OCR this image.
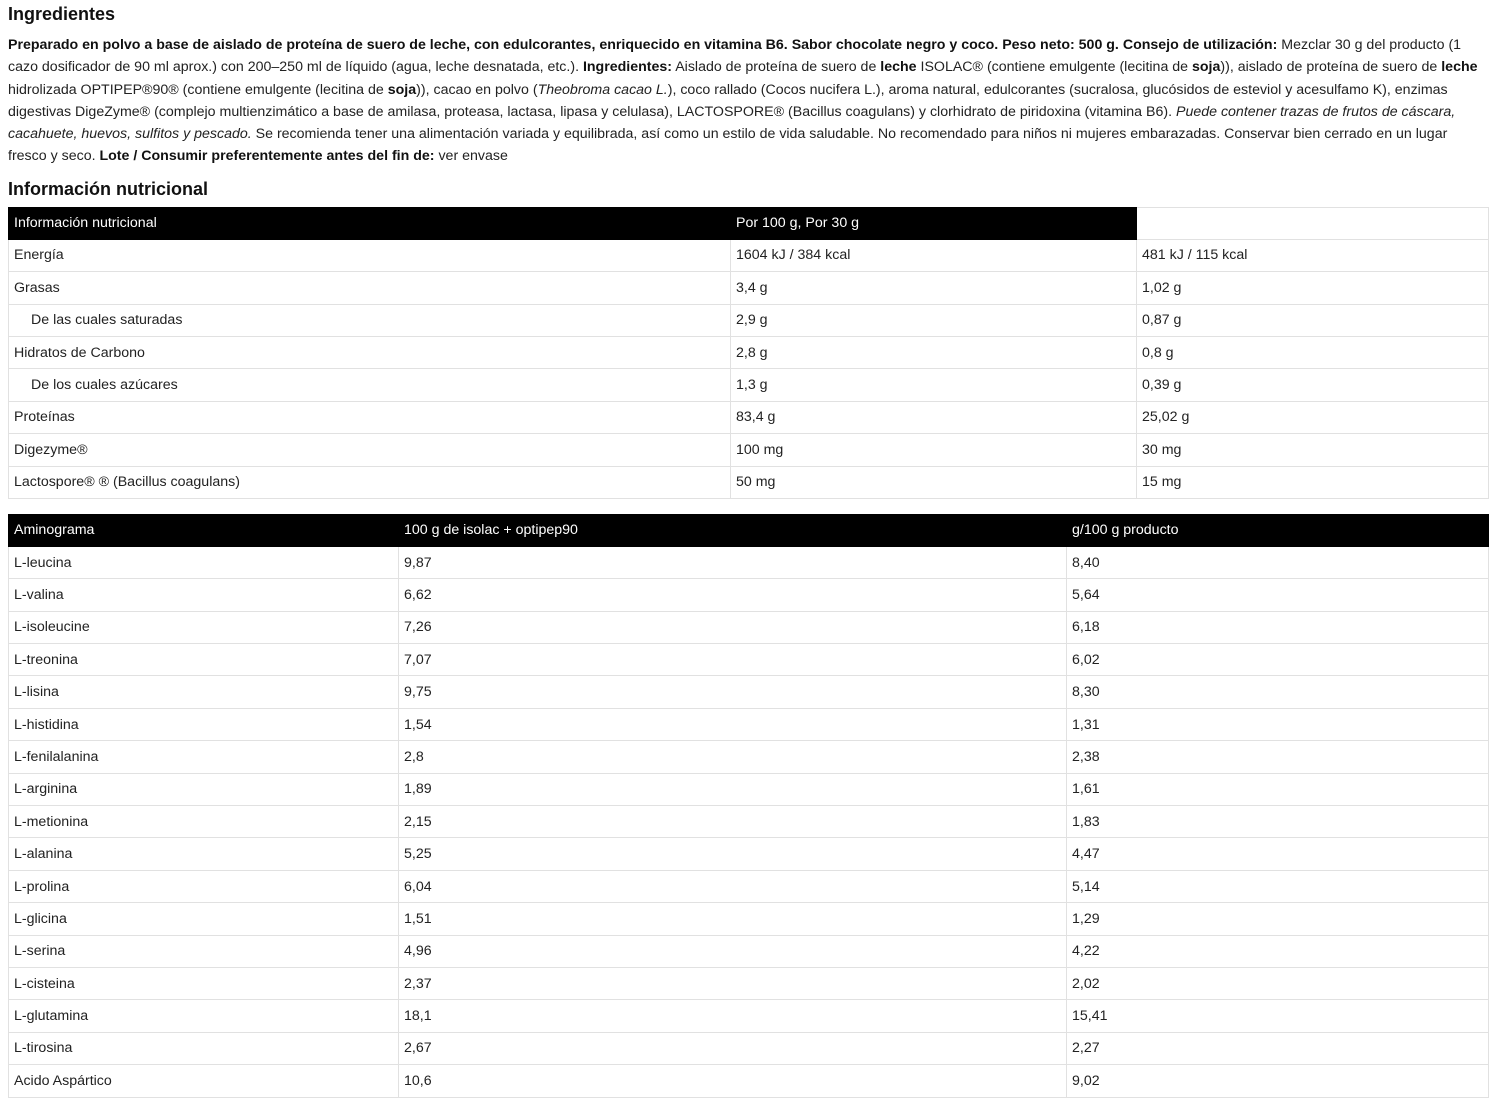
Ingredientes

Preparado en polvo a base de aislado de proteína de suero de leche, con edulcorantes, enriquecido en vitamina B6. Sabor chocolate negro y coco. Peso neto: 500 g. Consejo de utilización: Mezclar 30 g del producto (1 cazo dosificador de 90 ml aprox.) con 200–250 ml de líquido (agua, leche desnatada, etc.). Ingredientes: Aislado de proteína de suero de leche ISOLAC® (contiene emulgente (lecitina de soja)), aislado de proteína de suero de leche hidrolizada OPTIPEP®90® (contiene emulgente (lecitina de soja)), cacao en polvo (Theobroma cacao L.), coco rallado (Cocos nucifera L.), aroma natural, edulcorantes (sucralosa, glucósidos de esteviol y acesulfamo K), enzimas digestivas DigeZyme® (complejo multienzimático a base de amilasa, proteasa, lactasa, lipasa y celulasa), LACTOSPORE® (Bacillus coagulans) y clorhidrato de piridoxina (vitamina B6). Puede contener trazas de frutos de cáscara, cacahuete, huevos, sulfitos y pescado. Se recomienda tener una alimentación variada y equilibrada, así como un estilo de vida saludable. No recomendado para niños ni mujeres embarazadas. Conservar bien cerrado en un lugar fresco y seco. Lote / Consumir preferentemente antes del fin de: ver envase

Información nutricional
Información nutricional	Por 100 g, Por 30 g	
Energía	1604 kJ / 384 kcal	481 kJ / 115 kcal
Grasas	3,4 g	1,02 g
De las cuales saturadas	2,9 g	0,87 g
Hidratos de Carbono	2,8 g	0,8 g
De los cuales azúcares	1,3 g	0,39 g
Proteínas	83,4 g	25,02 g
Digezyme®	100 mg	30 mg
Lactospore® ® (Bacillus coagulans)	50 mg	15 mg
Aminograma	100 g de isolac + optipep90	g/100 g producto
L-leucina	9,87	8,40
L-valina	6,62	5,64
L-isoleucine	7,26	6,18
L-treonina	7,07	6,02
L-lisina	9,75	8,30
L-histidina	1,54	1,31
L-fenilalanina	2,8	2,38
L-arginina	1,89	1,61
L-metionina	2,15	1,83
L-alanina	5,25	4,47
L-prolina	6,04	5,14
L-glicina	1,51	1,29
L-serina	4,96	4,22
L-cisteina	2,37	2,02
L-glutamina	18,1	15,41
L-tirosina	2,67	2,27
Acido Aspártico	10,6	9,02
